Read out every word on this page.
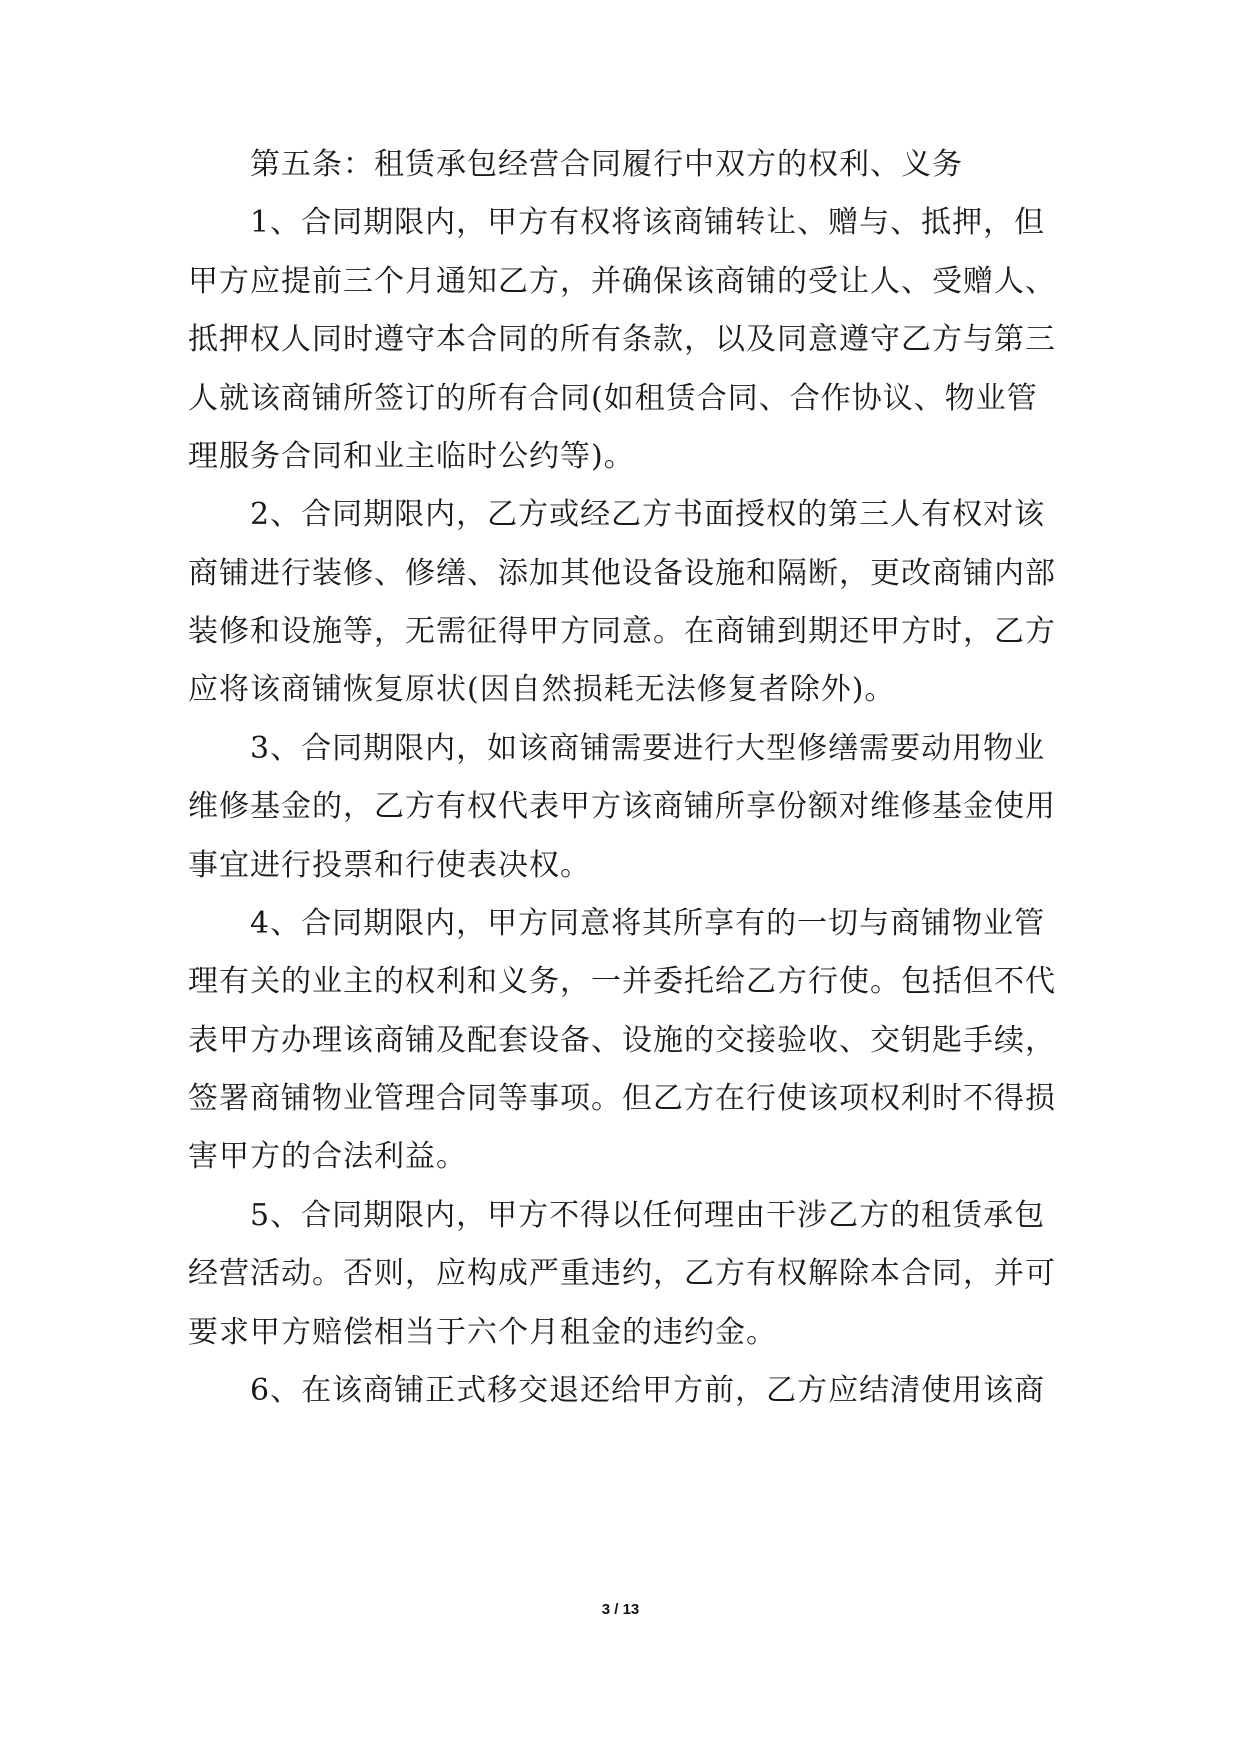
第五条：租赁承包经营合同履行中双方的权利、义务
1、合同期限内，甲方有权将该商铺转让、赠与、抵押，但
甲方应提前三个月通知乙方，并确保该商铺的受让人、受赠人、
抵押权人同时遵守本合同的所有条款，以及同意遵守乙方与第三
人就该商铺所签订的所有合同(如租赁合同、合作协议、物业管
理服务合同和业主临时公约等)。
2、合同期限内，乙方或经乙方书面授权的第三人有权对该
商铺进行装修、修缮、添加其他设备设施和隔断，更改商铺内部
装修和设施等，无需征得甲方同意。在商铺到期还甲方时，乙方
应将该商铺恢复原状(因自然损耗无法修复者除外)。
3、合同期限内，如该商铺需要进行大型修缮需要动用物业
维修基金的，乙方有权代表甲方该商铺所享份额对维修基金使用
事宜进行投票和行使表决权。
4、合同期限内，甲方同意将其所享有的一切与商铺物业管
理有关的业主的权利和义务，一并委托给乙方行使。包括但不代
表甲方办理该商铺及配套设备、设施的交接验收、交钥匙手续，
签署商铺物业管理合同等事项。但乙方在行使该项权利时不得损
害甲方的合法利益。
5、合同期限内，甲方不得以任何理由干涉乙方的租赁承包
经营活动。否则，应构成严重违约，乙方有权解除本合同，并可
要求甲方赔偿相当于六个月租金的违约金。
6、在该商铺正式移交退还给甲方前，乙方应结清使用该商
3 / 13
